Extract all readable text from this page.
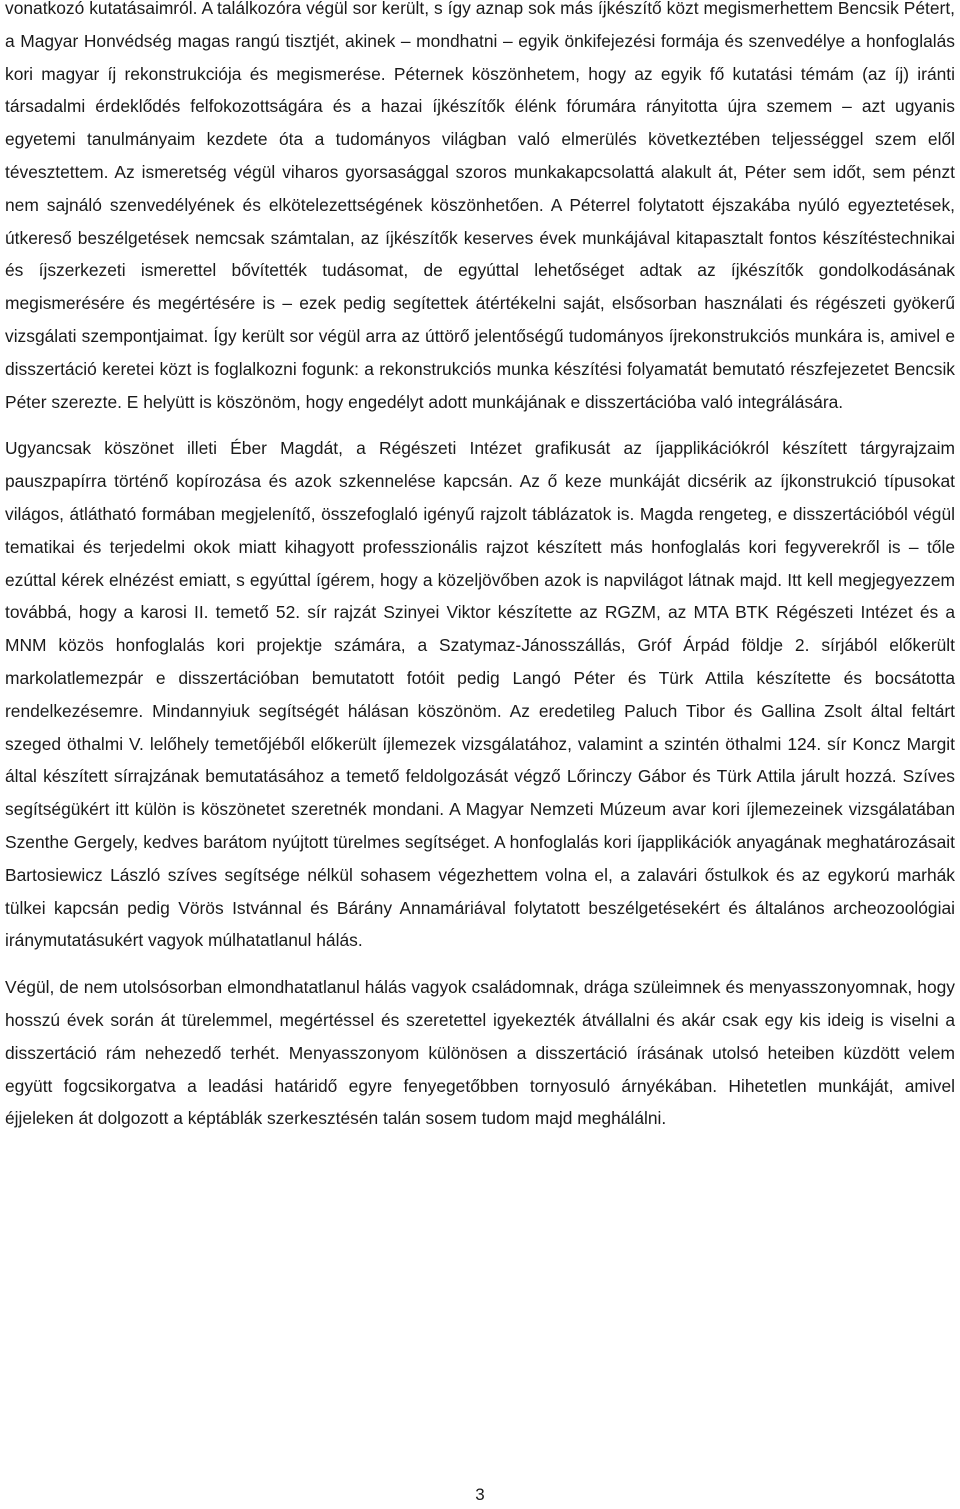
vonatkozó kutatásaimról. A találkozóra végül sor került, s így aznap sok más íjkészítő közt megismerhettem Bencsik Pétert, a Magyar Honvédség magas rangú tisztjét, akinek – mondhatni – egyik önkifejezési formája és szenvedélye a honfoglalás kori magyar íj rekonstrukciója és megismerése. Péternek köszönhetem, hogy az egyik fő kutatási témám (az íj) iránti társadalmi érdeklődés felfokozottságára és a hazai íjkészítők élénk fórumára rányitotta újra szemem – azt ugyanis egyetemi tanulmányaim kezdete óta a tudományos világban való elmerülés következtében teljességgel szem elől tévesztettem. Az ismeretség végül viharos gyorsasággal szoros munkakapcsolattá alakult át, Péter sem időt, sem pénzt nem sajnáló szenvedélyének és elkötelezettségének köszönhetően. A Péterrel folytatott éjszakába nyúló egyeztetések, útkereső beszélgetések nemcsak számtalan, az íjkészítők keserves évek munkájával kitapasztalt fontos készítéstechnikai és íjszerkezeti ismerettel bővítették tudásomat, de egyúttal lehetőséget adtak az íjkészítők gondolkodásának megismerésére és megértésére is – ezek pedig segítettek átértékelni saját, elsősorban használati és régészeti gyökerű vizsgálati szempontjaimat. Így került sor végül arra az úttörő jelentőségű tudományos íjrekonstrukciós munkára is, amivel e disszertáció keretei közt is foglalkozni fogunk: a rekonstrukciós munka készítési folyamatát bemutató részfejezetet Bencsik Péter szerezte. E helyütt is köszönöm, hogy engedélyt adott munkájának e disszertációba való integrálására.

Ugyancsak köszönet illeti Éber Magdát, a Régészeti Intézet grafikusát az íjapplikációkról készített tárgyrajzaim pauszpapírra történő kopírozása és azok szkennelése kapcsán. Az ő keze munkáját dicsérik az íjkonstrukció típusokat világos, átlátható formában megjelenítő, összefoglaló igényű rajzolt táblázatok is. Magda rengeteg, e disszertációból végül tematikai és terjedelmi okok miatt kihagyott professzionális rajzot készített más honfoglalás kori fegyverekről is – tőle ezúttal kérek elnézést emiatt, s egyúttal ígérem, hogy a közeljövőben azok is napvilágot látnak majd. Itt kell megjegyezzem továbbá, hogy a karosi II. temető 52. sír rajzát Szinyei Viktor készítette az RGZM, az MTA BTK Régészeti Intézet és a MNM közös honfoglalás kori projektje számára, a Szatymaz-Jánosszállás, Gróf Árpád földje 2. sírjából előkerült markolatlemezpár e disszertációban bemutatott fotóit pedig Langó Péter és Türk Attila készítette és bocsátotta rendelkezésemre. Mindannyiuk segítségét hálásan köszönöm. Az eredetileg Paluch Tibor és Gallina Zsolt által feltárt szeged öthalmi V. lelőhely temetőjéből előkerült íjlemezek vizsgálatához, valamint a szintén öthalmi 124. sír Koncz Margit által készített sírrajzának bemutatásához a temető feldolgozását végző Lőrinczy Gábor és Türk Attila járult hozzá. Szíves segítségükért itt külön is köszönetet szeretnék mondani. A Magyar Nemzeti Múzeum avar kori íjlemezeinek vizsgálatában Szenthe Gergely, kedves barátom nyújtott türelmes segítséget. A honfoglalás kori íjapplikációk anyagának meghatározásait Bartosiewicz László szíves segítsége nélkül sohasem végezhettem volna el, a zalavári őstulkok és az egykorú marhák tülkei kapcsán pedig Vörös Istvánnal és Bárány Annamáriával folytatott beszélgetésekért és általános archeozoológiai iránymutatásukért vagyok múlhatatlanul hálás.

Végül, de nem utolsósorban elmondhatatlanul hálás vagyok családomnak, drága szüleimnek és menyasszonyomnak, hogy hosszú évek során át türelemmel, megértéssel és szeretettel igyekezték átvállalni és akár csak egy kis ideig is viselni a disszertáció rám nehezedő terhét. Menyasszonyom különösen a disszertáció írásának utolsó heteiben küzdött velem együtt fogcsikorgatva a leadási határidő egyre fenyegetőbben tornyosuló árnyékában. Hihetetlen munkáját, amivel éjjeleken át dolgozott a képtáblák szerkesztésén talán sosem tudom majd meghálálni.

3
